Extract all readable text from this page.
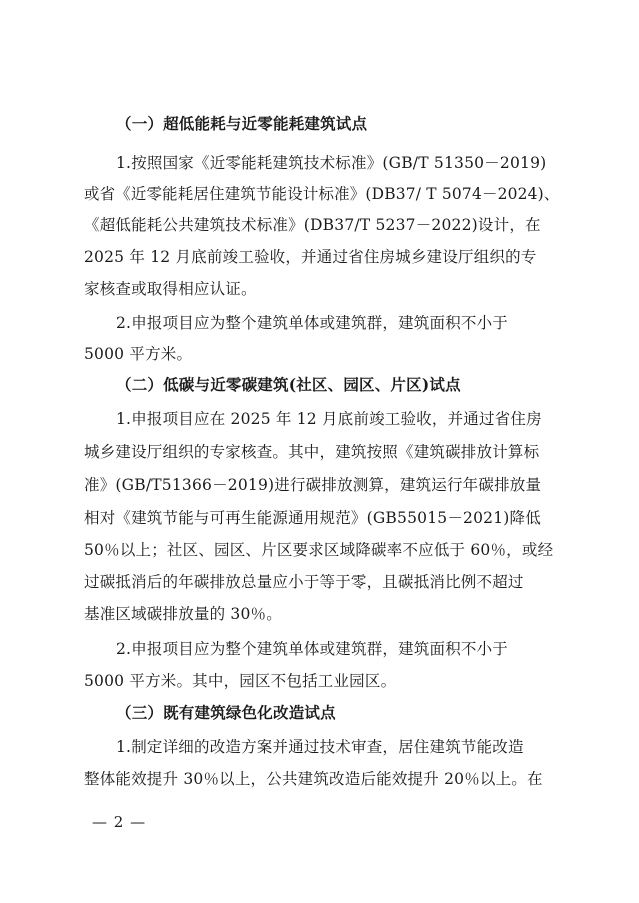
（一）超低能耗与近零能耗建筑试点
1.按照国家《近零能耗建筑技术标准》(GB/T 51350－2019)
或省《近零能耗居住建筑节能设计标准》(DB37/ T 5074－2024)、
《超低能耗公共建筑技术标准》(DB37/T 5237－2022)设计，在
2025 年 12 月底前竣工验收，并通过省住房城乡建设厅组织的专
家核查或取得相应认证。
2.申报项目应为整个建筑单体或建筑群，建筑面积不小于
5000 平方米。
（二）低碳与近零碳建筑(社区、园区、片区)试点
1.申报项目应在 2025 年 12 月底前竣工验收，并通过省住房
城乡建设厅组织的专家核查。其中，建筑按照《建筑碳排放计算标
准》(GB/T51366－2019)进行碳排放测算，建筑运行年碳排放量
相对《建筑节能与可再生能源通用规范》(GB55015－2021)降低
50％以上；社区、园区、片区要求区域降碳率不应低于 60％，或经
过碳抵消后的年碳排放总量应小于等于零，且碳抵消比例不超过
基准区域碳排放量的 30％。
2.申报项目应为整个建筑单体或建筑群，建筑面积不小于
5000 平方米。其中，园区不包括工业园区。
（三）既有建筑绿色化改造试点
1.制定详细的改造方案并通过技术审查，居住建筑节能改造
整体能效提升 30％以上，公共建筑改造后能效提升 20％以上。在
— 2 —
